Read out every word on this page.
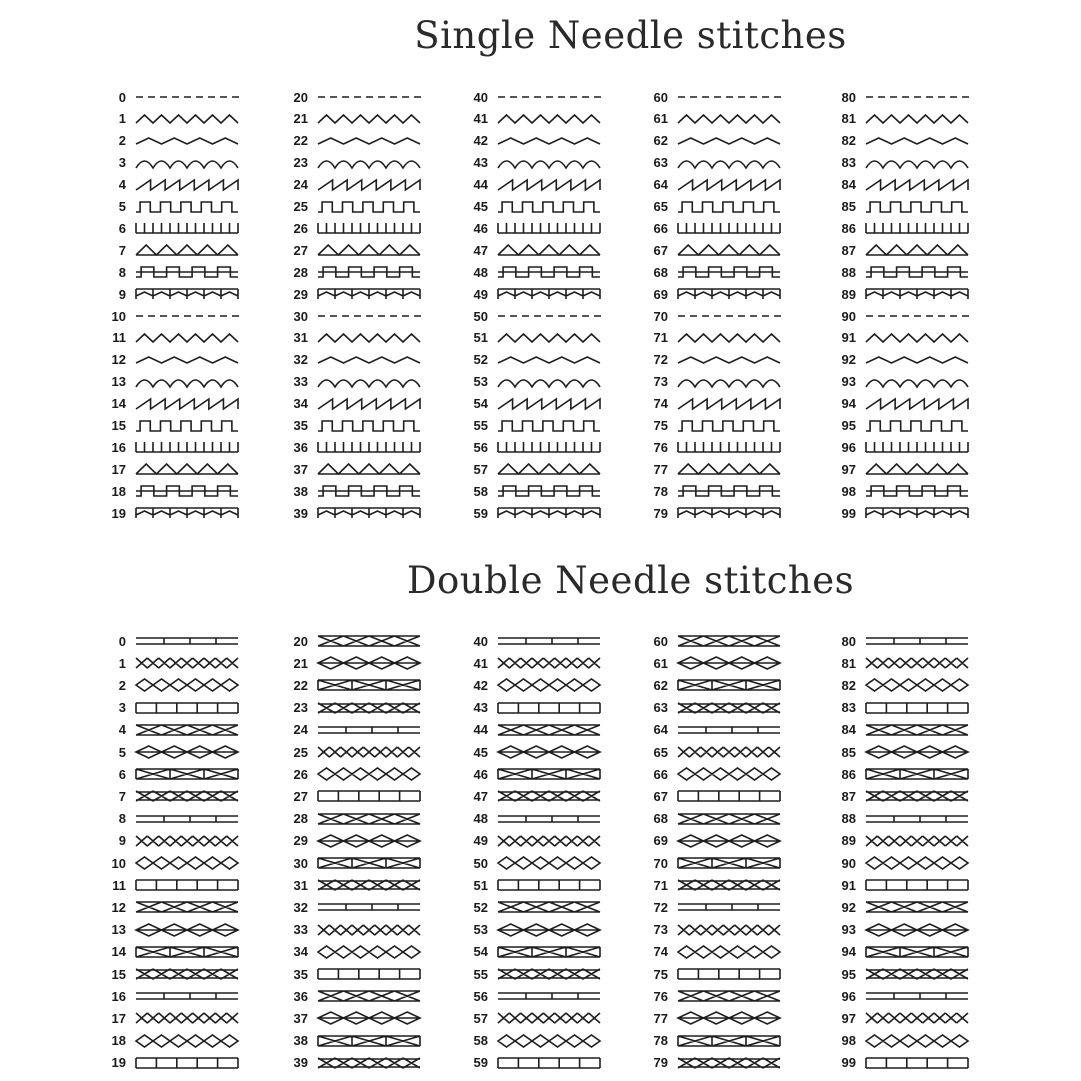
Single Needle stitches
0
1
2
3
4
5
6
7
8
9
10
11
12
13
14
15
16
17
18
19
20
21
22
23
24
25
26
27
28
29
30
31
32
33
34
35
36
37
38
39
40
41
42
43
44
45
46
47
48
49
50
51
52
53
54
55
56
57
58
59
60
61
62
63
64
65
66
67
68
69
70
71
72
73
74
75
76
77
78
79
80
81
82
83
84
85
86
87
88
89
90
91
92
93
94
95
96
97
98
99
Double Needle stitches
0
1
2
3
4
5
6
7
8
9
10
11
12
13
14
15
16
17
18
19
20
21
22
23
24
25
26
27
28
29
30
31
32
33
34
35
36
37
38
39
40
41
42
43
44
45
46
47
48
49
50
51
52
53
54
55
56
57
58
59
60
61
62
63
64
65
66
67
68
69
70
71
72
73
74
75
76
77
78
79
80
81
82
83
84
85
86
87
88
89
90
91
92
93
94
95
96
97
98
99
